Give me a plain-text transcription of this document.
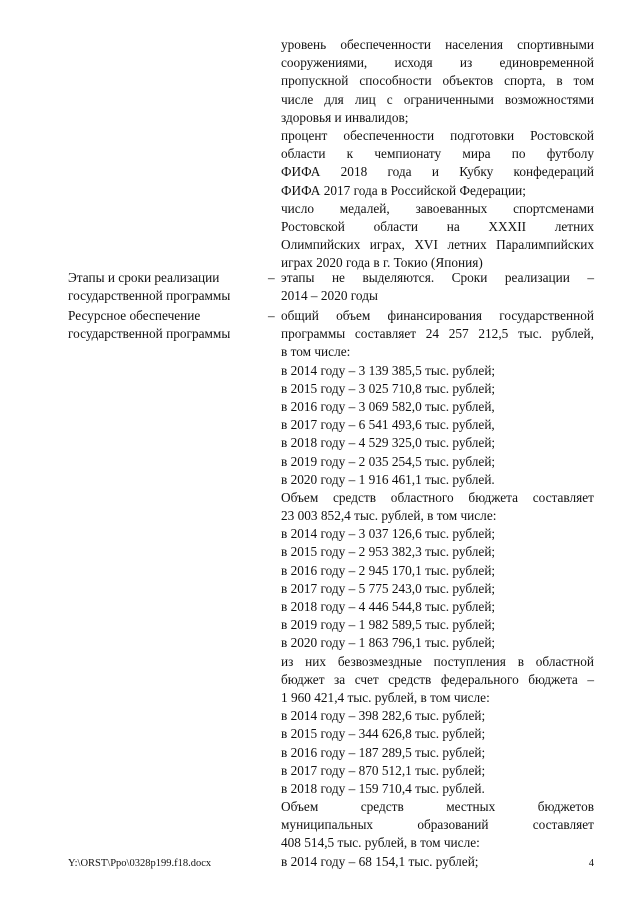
уровень обеспеченности населения спортивными
сооружениями, исходя из единовременной
пропускной способности объектов спорта, в том
числе для лиц с ограниченными возможностями
здоровья и инвалидов;
процент обеспеченности подготовки Ростовской
области к чемпионату мира по футболу
ФИФА 2018 года и Кубку конфедераций
ФИФА 2017 года в Российской Федерации;
число медалей, завоеванных спортсменами
Ростовской области на XXXII летних
Олимпийских играх, XVI летних Паралимпийских
играх 2020 года в г. Токио (Япония)
Этапы и сроки реализации государственной программы
– этапы не выделяются. Сроки реализации –
2014 – 2020 годы
Ресурсное обеспечение государственной программы
– общий объем финансирования государственной
программы составляет 24 257 212,5 тыс. рублей,
в том числе:
в 2014 году – 3 139 385,5 тыс. рублей;
в 2015 году – 3 025 710,8 тыс. рублей;
в 2016 году – 3 069 582,0 тыс. рублей,
в 2017 году – 6 541 493,6 тыс. рублей,
в 2018 году – 4 529 325,0 тыс. рублей;
в 2019 году – 2 035 254,5 тыс. рублей;
в 2020 году – 1 916 461,1 тыс. рублей.
Объем средств областного бюджета составляет
23 003 852,4 тыс. рублей, в том числе:
в 2014 году – 3 037 126,6 тыс. рублей;
в 2015 году – 2 953 382,3 тыс. рублей;
в 2016 году – 2 945 170,1 тыс. рублей;
в 2017 году – 5 775 243,0 тыс. рублей;
в 2018 году – 4 446 544,8 тыс. рублей;
в 2019 году – 1 982 589,5 тыс. рублей;
в 2020 году – 1 863 796,1 тыс. рублей;
из них безвозмездные поступления в областной
бюджет за счет средств федерального бюджета –
1 960 421,4 тыс. рублей, в том числе:
в 2014 году – 398 282,6 тыс. рублей;
в 2015 году – 344 626,8 тыс. рублей;
в 2016 году – 187 289,5 тыс. рублей;
в 2017 году – 870 512,1 тыс. рублей;
в 2018 году – 159 710,4 тыс. рублей.
Объем средств местных бюджетов
муниципальных образований составляет
408 514,5 тыс. рублей, в том числе:
в 2014 году – 68 154,1 тыс. рублей;
Y:\ORST\Ppo\0328p199.f18.docx	4
